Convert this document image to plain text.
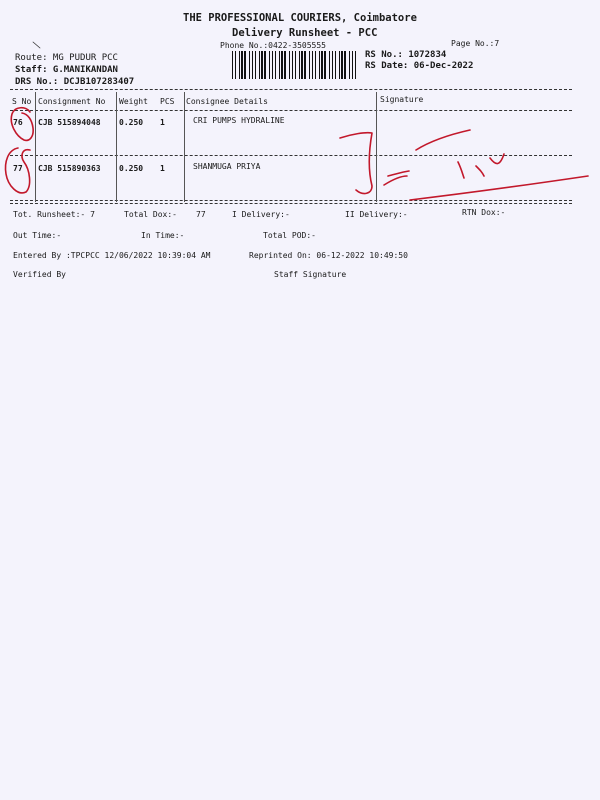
THE PROFESSIONAL COURIERS, Coimbatore
Delivery Runsheet - PCC
Phone No.:0422-3505555	Page No.:7
RS No.: 1072834
RS Date: 06-Dec-2022
Route: MG PUDUR PCC
Staff: G.MANIKANDAN
DRS No.: DCJB107283407
S No Consignment No Weight PCS Consignee Details	Signature
76 CJB 515894048 0.250 1	CRI PUMPS HYDRALINE
77 CJB 515890363 0.250 1	SHANMUGA PRIYA
Tot. Runsheet:- 7	Total Dox:- 77	I Delivery:-	II Delivery:-	RTN Dox:-
Out Time:-	In Time:-	Total POD:-
Entered By :TPCPCC 12/06/2022 10:39:04 AM	Reprinted On: 06-12-2022 10:49:50
Verified By	Staff Signature
